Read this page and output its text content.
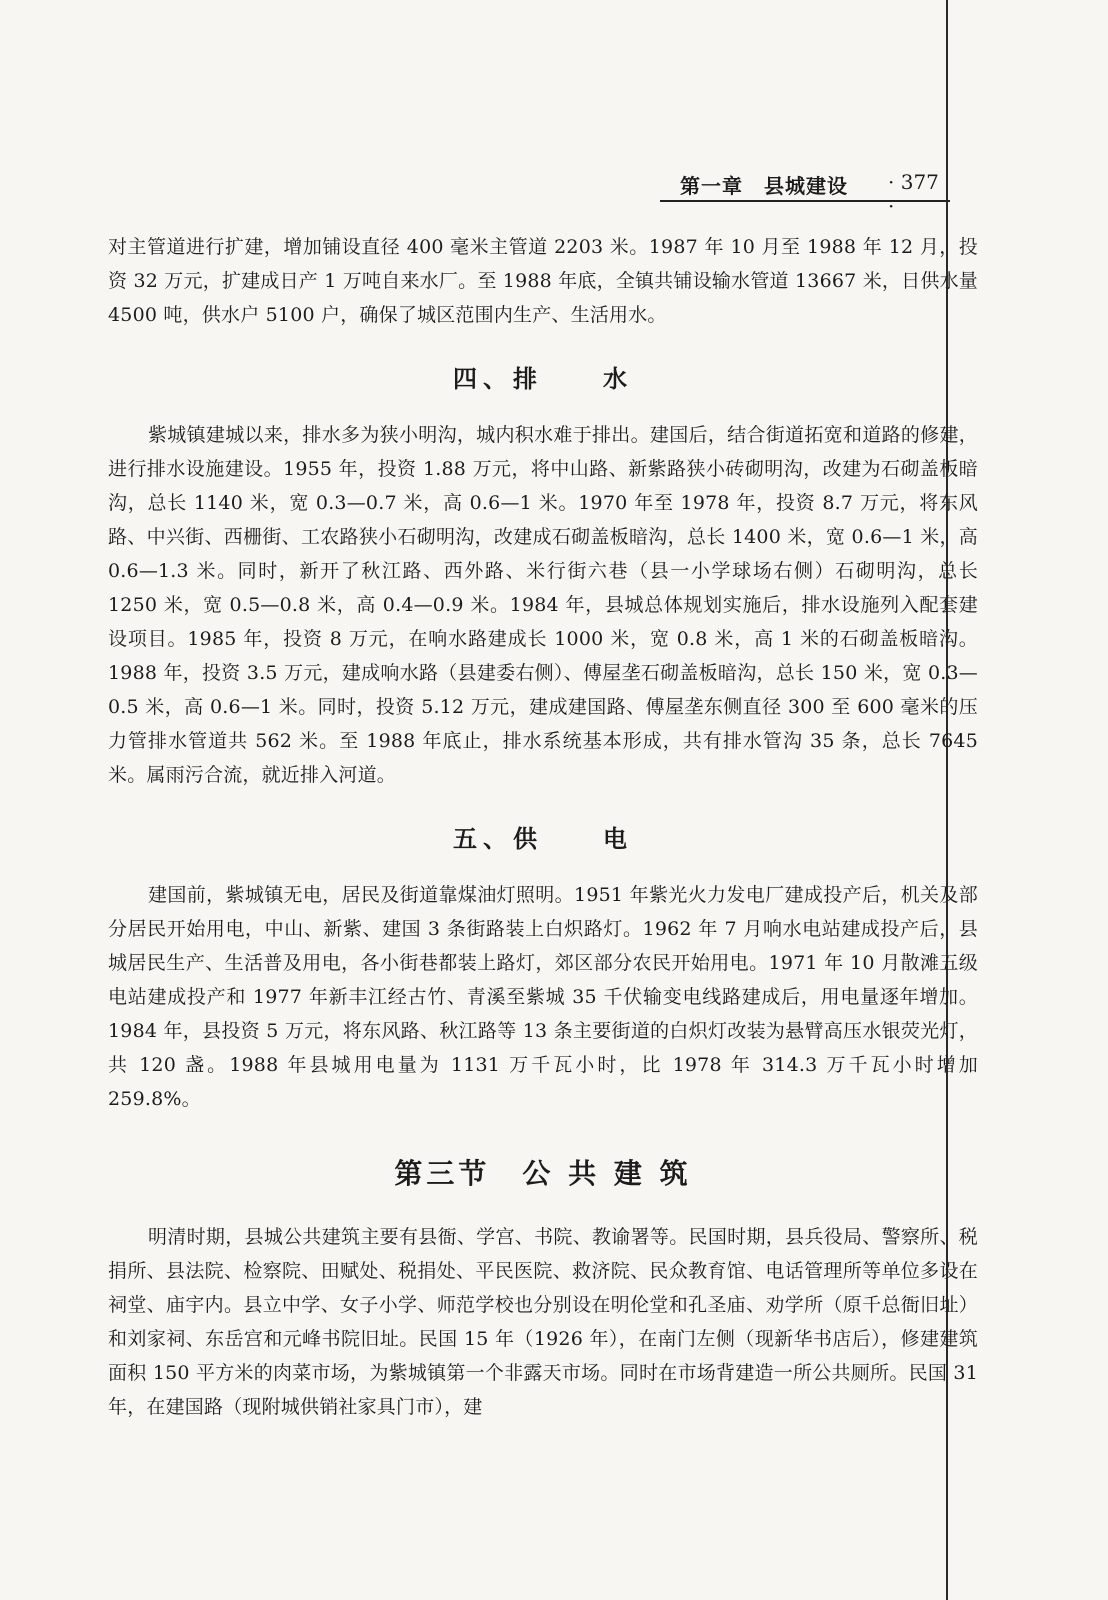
第一章　县城建设 · 377 ·

对主管道进行扩建，增加铺设直径 400 毫米主管道 2203 米。1987 年 10 月至 1988 年 12 月，投资 32 万元，扩建成日产 1 万吨自来水厂。至 1988 年底，全镇共铺设输水管道 13667 米，日供水量 4500 吨，供水户 5100 户，确保了城区范围内生产、生活用水。

四、排　　水

紫城镇建城以来，排水多为狭小明沟，城内积水难于排出。建国后，结合街道拓宽和道路的修建，进行排水设施建设。1955 年，投资 1.88 万元，将中山路、新紫路狭小砖砌明沟，改建为石砌盖板暗沟，总长 1140 米，宽 0.3—0.7 米，高 0.6—1 米。1970 年至 1978 年，投资 8.7 万元，将东风路、中兴街、西栅街、工农路狭小石砌明沟，改建成石砌盖板暗沟，总长 1400 米，宽 0.6—1 米，高 0.6—1.3 米。同时，新开了秋江路、西外路、米行街六巷（县一小学球场右侧）石砌明沟，总长 1250 米，宽 0.5—0.8 米，高 0.4—0.9 米。1984 年，县城总体规划实施后，排水设施列入配套建设项目。1985 年，投资 8 万元，在响水路建成长 1000 米，宽 0.8 米，高 1 米的石砌盖板暗沟。1988 年，投资 3.5 万元，建成响水路（县建委右侧）、傅屋垄石砌盖板暗沟，总长 150 米，宽 0.3—0.5 米，高 0.6—1 米。同时，投资 5.12 万元，建成建国路、傅屋垄东侧直径 300 至 600 毫米的压力管排水管道共 562 米。至 1988 年底止，排水系统基本形成，共有排水管沟 35 条，总长 7645 米。属雨污合流，就近排入河道。

五、供　　电

建国前，紫城镇无电，居民及街道靠煤油灯照明。1951 年紫光火力发电厂建成投产后，机关及部分居民开始用电，中山、新紫、建国 3 条街路装上白炽路灯。1962 年 7 月响水电站建成投产后，县城居民生产、生活普及用电，各小街巷都装上路灯，郊区部分农民开始用电。1971 年 10 月散滩五级电站建成投产和 1977 年新丰江经古竹、青溪至紫城 35 千伏输变电线路建成后，用电量逐年增加。1984 年，县投资 5 万元，将东风路、秋江路等 13 条主要街道的白炽灯改装为悬臂高压水银荧光灯，共 120 盏。1988 年县城用电量为 1131 万千瓦小时，比 1978 年 314.3 万千瓦小时增加 259.8%。

第三节　公 共 建 筑

明清时期，县城公共建筑主要有县衙、学宫、书院、教谕署等。民国时期，县兵役局、警察所、税捐所、县法院、检察院、田赋处、税捐处、平民医院、救济院、民众教育馆、电话管理所等单位多设在祠堂、庙宇内。县立中学、女子小学、师范学校也分别设在明伦堂和孔圣庙、劝学所（原千总衙旧址）和刘家祠、东岳宫和元峰书院旧址。民国 15 年（1926 年），在南门左侧（现新华书店后），修建建筑面积 150 平方米的肉菜市场，为紫城镇第一个非露天市场。同时在市场背建造一所公共厕所。民国 31 年，在建国路（现附城供销社家具门市），建
